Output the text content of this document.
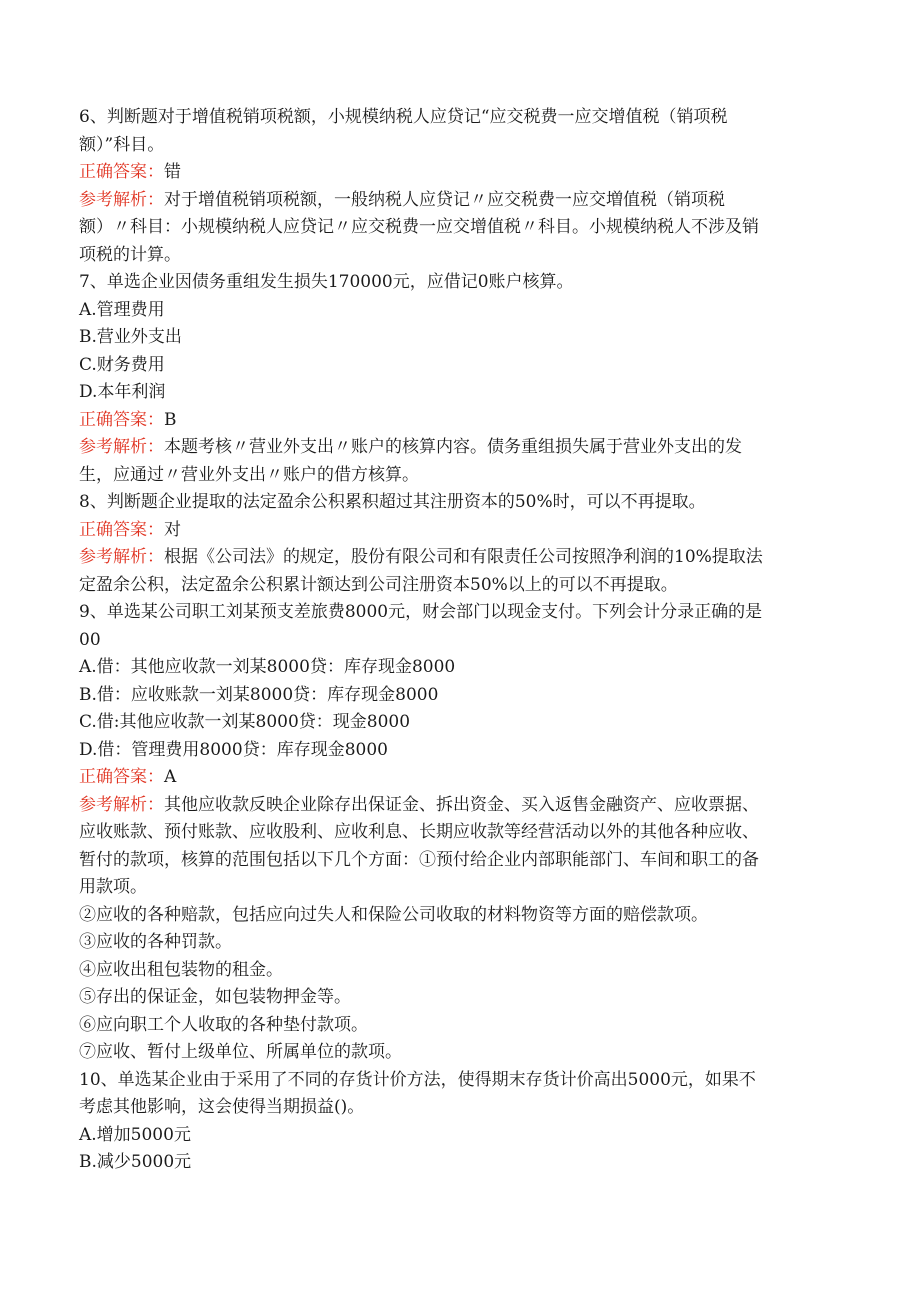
6、判断题对于增值税销项税额，小规模纳税人应贷记“应交税费一应交增值税（销项税
额）”科目。
正确答案：错
参考解析：对于增值税销项税额，一般纳税人应贷记〃应交税费一应交増值税（销项税
额）〃科目：小规模纳税人应贷记〃应交税费一应交增值税〃科目。小规模纳税人不涉及销
项税的计算。
7、单选企业因债务重组发生损失170000元，应借记0账户核算。
A.管理费用
B.营业外支出
C.财务费用
D.本年利润
正确答案：B
参考解析：本题考核〃营业外支出〃账户的核算内容。债务重组损失属于营业外支出的发
生，应通过〃营业外支出〃账户的借方核算。
8、判断题企业提取的法定盈余公积累积超过其注册资本的50%时，可以不再提取。
正确答案：对
参考解析：根据《公司法》的规定，股份有限公司和有限责任公司按照净利润的10%提取法
定盈余公积，法定盈余公积累计额达到公司注册资本50%以上的可以不再提取。
9、单选某公司职工刘某预支差旅费8000元，财会部门以现金支付。下列会计分录正确的是
00
A.借：其他应收款一刘某8000贷：库存现金8000
B.借：应收账款一刘某8000贷：库存现金8000
C.借:其他应收款一刘某8000贷：现金8000
D.借：管理费用8000贷：库存现金8000
正确答案：A
参考解析：其他应收款反映企业除存出保证金、拆出资金、买入返售金融资产、应收票据、
应收账款、预付账款、应收股利、应收利息、长期应收款等经营活动以外的其他各种应收、
暂付的款项，核算的范围包括以下几个方面：①预付给企业内部职能部门、车间和职工的备
用款项。
②应收的各种赔款，包括应向过失人和保险公司收取的材料物资等方面的赔偿款项。
③应收的各种罚款。
④应收出租包装物的租金。
⑤存出的保证金，如包装物押金等。
⑥应向职工个人收取的各种垫付款项。
⑦应收、暂付上级单位、所属单位的款项。
10、单选某企业由于采用了不同的存货计价方法，使得期末存货计价高出5000元，如果不
考虑其他影响，这会使得当期损益()。
A.增加5000元
B.减少5000元
